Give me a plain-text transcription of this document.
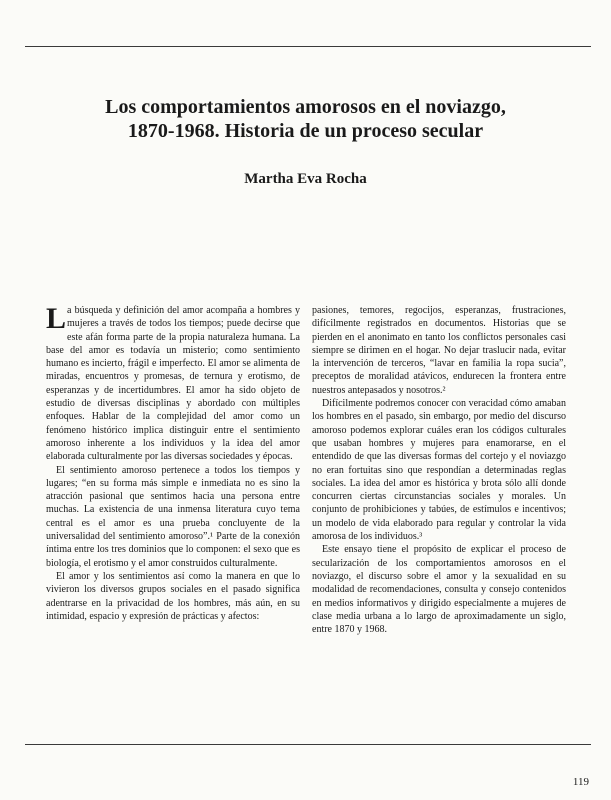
Los comportamientos amorosos en el noviazgo,
1870-1968. Historia de un proceso secular

Martha Eva Rocha

La búsqueda y definición del amor acompaña a hombres y mujeres a través de todos los tiempos; puede decirse que este afán forma parte de la propia naturaleza humana. La base del amor es todavía un misterio; como sentimiento humano es incierto, frágil e imperfecto. El amor se alimenta de miradas, encuentros y promesas, de ternura y erotismo, de esperanzas y de incertidumbres. El amor ha sido objeto de estudio de diversas disciplinas y abordado con múltiples enfoques. Hablar de la complejidad del amor como un fenómeno histórico implica distinguir entre el sentimiento amoroso inherente a los individuos y la idea del amor elaborada culturalmente por las diversas sociedades y épocas.

El sentimiento amoroso pertenece a todos los tiempos y lugares; “en su forma más simple e inmediata no es sino la atracción pasional que sentimos hacia una persona entre muchas. La existencia de una inmensa literatura cuyo tema central es el amor es una prueba concluyente de la universalidad del sentimiento amoroso”.¹ Parte de la conexión íntima entre los tres dominios que lo componen: el sexo que es biología, el erotismo y el amor construidos culturalmente.

El amor y los sentimientos así como la manera en que lo vivieron los diversos grupos sociales en el pasado significa adentrarse en la privacidad de los hombres, más aún, en su intimidad, espacio y expresión de prácticas y afectos:

pasiones, temores, regocijos, esperanzas, frustraciones, difícilmente registrados en documentos. Historias que se pierden en el anonimato en tanto los conflictos personales casi siempre se dirimen en el hogar. No dejar traslucir nada, evitar la intervención de terceros, “lavar en familia la ropa sucia”, preceptos de moralidad atávicos, endurecen la frontera entre nuestros antepasados y nosotros.²

Difícilmente podremos conocer con veracidad cómo amaban los hombres en el pasado, sin embargo, por medio del discurso amoroso podemos explorar cuáles eran los códigos culturales que usaban hombres y mujeres para enamorarse, en el entendido de que las diversas formas del cortejo y el noviazgo no eran fortuitas sino que respondían a determinadas reglas sociales. La idea del amor es histórica y brota sólo allí donde concurren ciertas circunstancias sociales y morales. Un conjunto de prohibiciones y tabúes, de estímulos e incentivos; un modelo de vida elaborado para regular y controlar la vida amorosa de los individuos.³

Este ensayo tiene el propósito de explicar el proceso de secularización de los comportamientos amorosos en el noviazgo, el discurso sobre el amor y la sexualidad en su modalidad de recomendaciones, consulta y consejo contenidos en medios informativos y dirigido especialmente a mujeres de clase media urbana a lo largo de aproximadamente un siglo, entre 1870 y 1968.

119
